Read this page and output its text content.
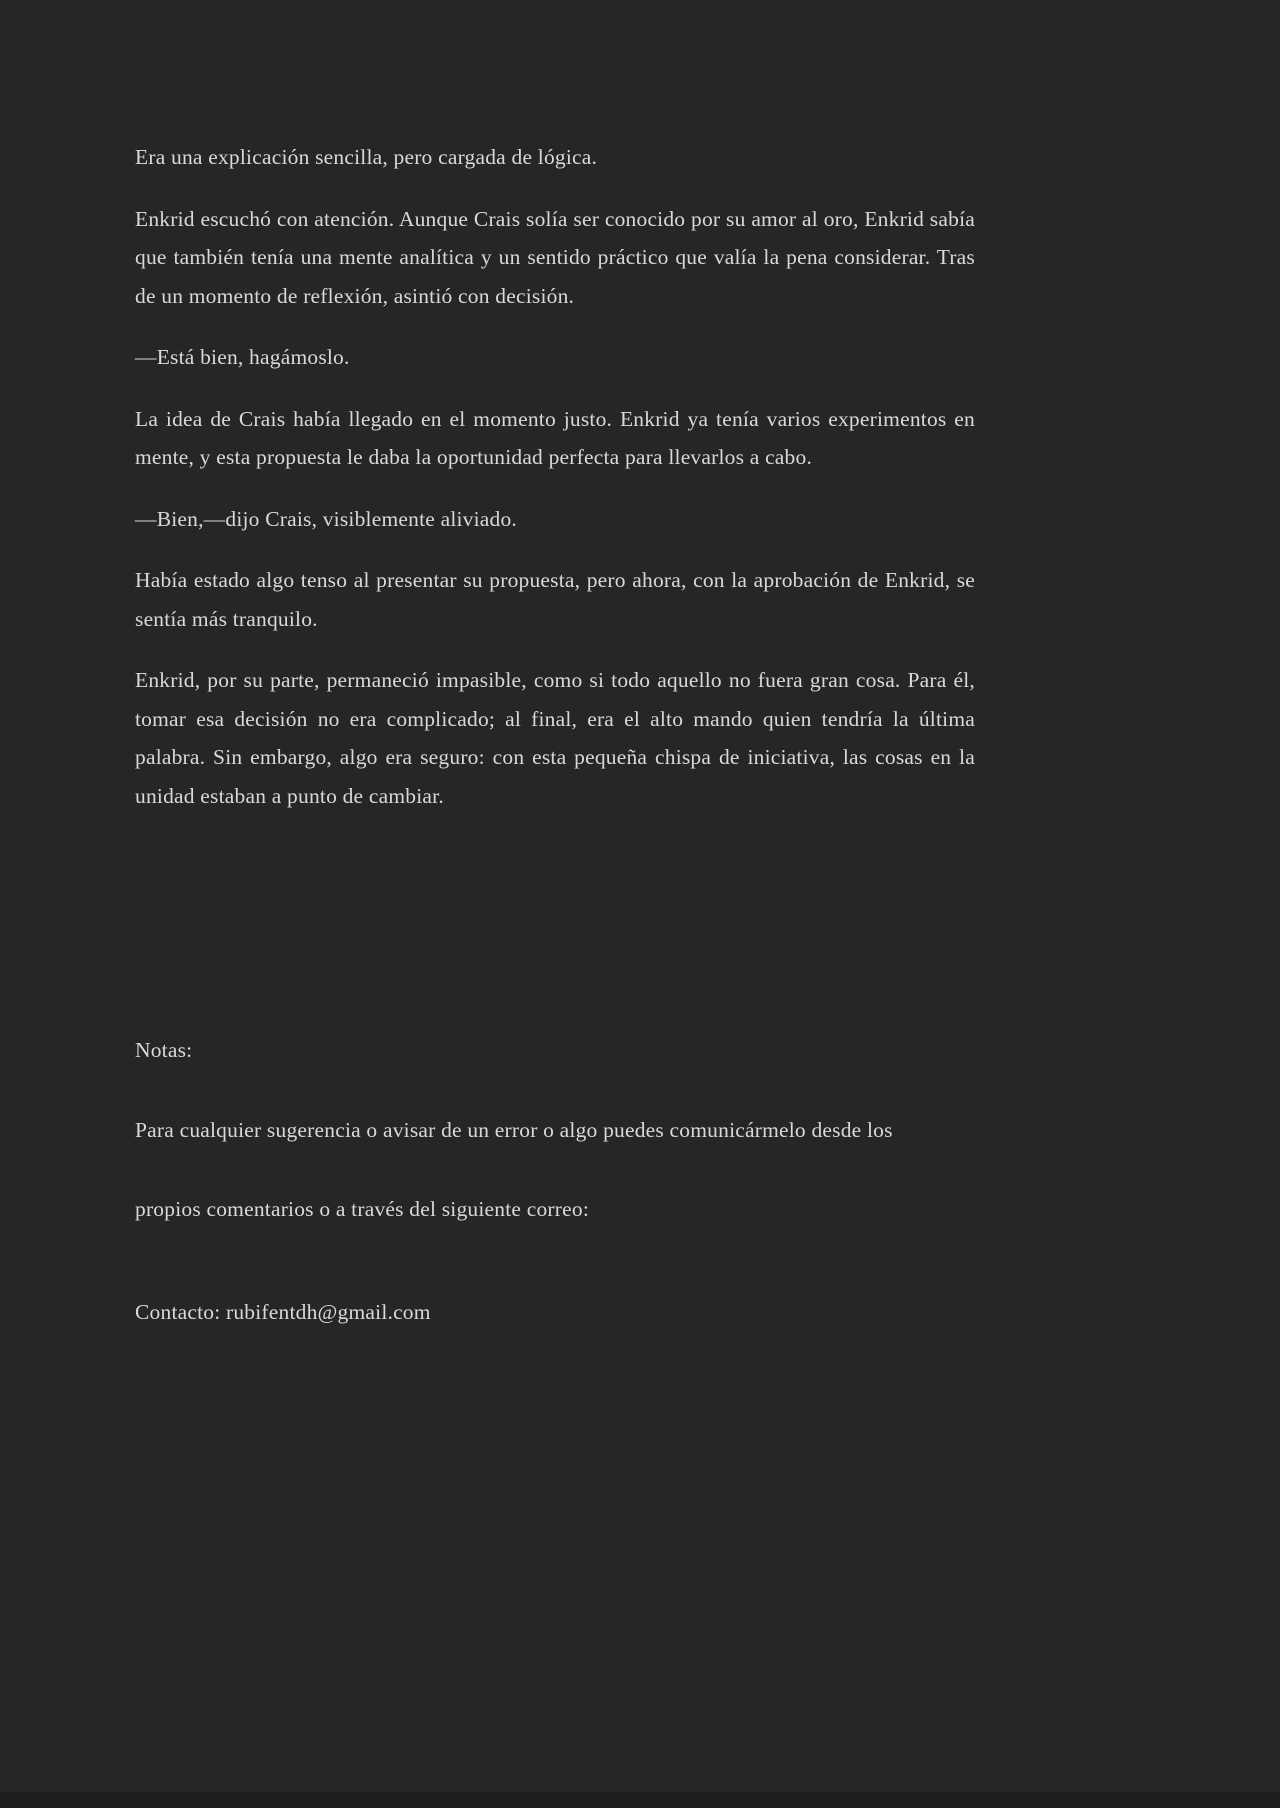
Era una explicación sencilla, pero cargada de lógica.

Enkrid escuchó con atención. Aunque Crais solía ser conocido por su amor al oro, Enkrid sabía que también tenía una mente analítica y un sentido práctico que valía la pena considerar. Tras de un momento de reflexión, asintió con decisión.

—Está bien, hagámoslo.

La idea de Crais había llegado en el momento justo. Enkrid ya tenía varios experimentos en mente, y esta propuesta le daba la oportunidad perfecta para llevarlos a cabo.

—Bien,—dijo Crais, visiblemente aliviado.

Había estado algo tenso al presentar su propuesta, pero ahora, con la aprobación de Enkrid, se sentía más tranquilo.

Enkrid, por su parte, permaneció impasible, como si todo aquello no fuera gran cosa. Para él, tomar esa decisión no era complicado; al final, era el alto mando quien tendría la última palabra. Sin embargo, algo era seguro: con esta pequeña chispa de iniciativa, las cosas en la unidad estaban a punto de cambiar.

Notas:

Para cualquier sugerencia o avisar de un error o algo puedes comunicármelo desde los

propios comentarios o a través del siguiente correo:

Contacto: rubifentdh@gmail.com
